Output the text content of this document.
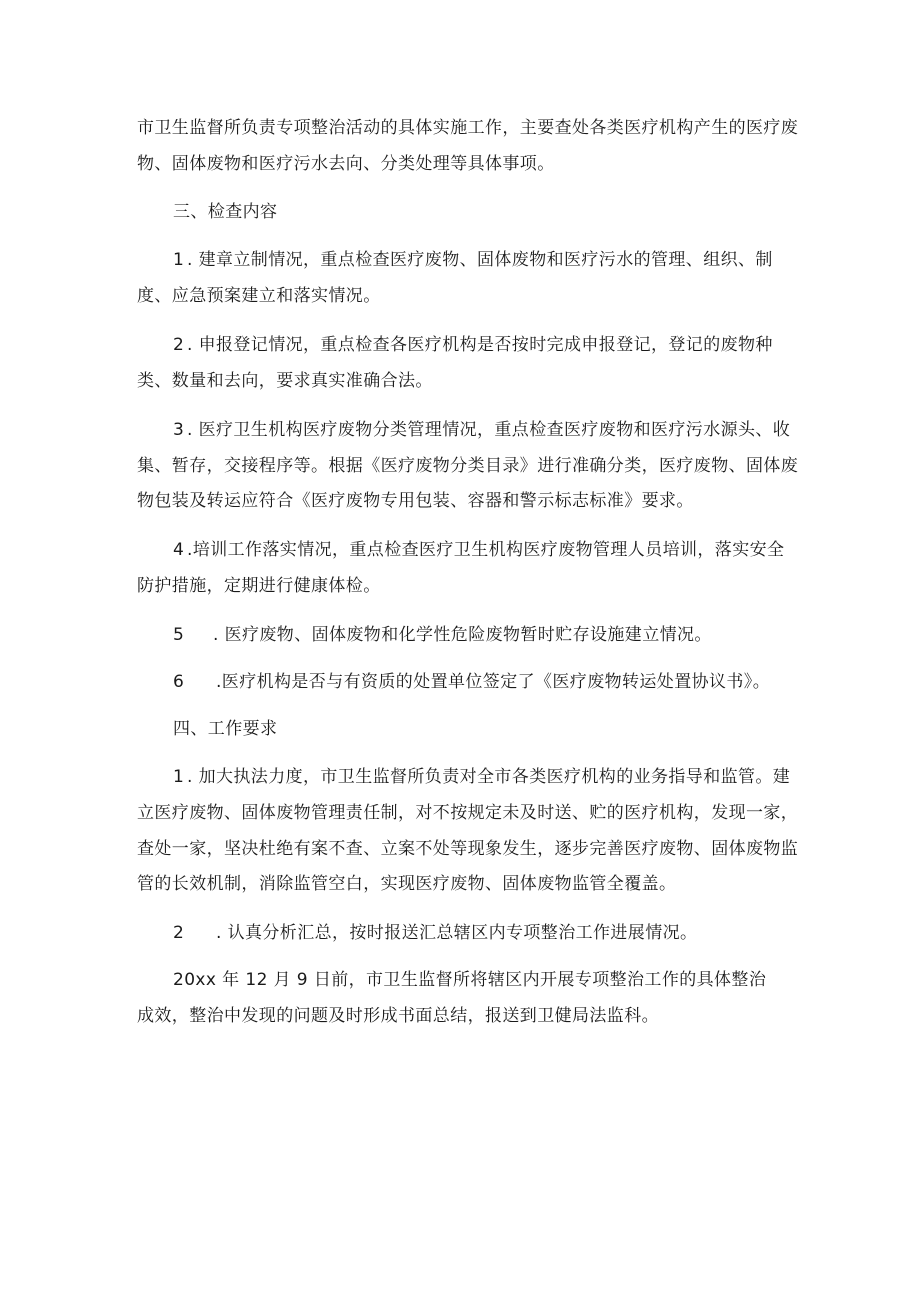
市卫生监督所负责专项整治活动的具体实施工作，主要查处各类医疗机构产生的医疗废
物、固体废物和医疗污水去向、分类处理等具体事项。
三、检查内容
1 . 建章立制情况，重点检查医疗废物、固体废物和医疗污水的管理、组织、制
度、应急预案建立和落实情况。
2 . 申报登记情况，重点检查各医疗机构是否按时完成申报登记，登记的废物种
类、数量和去向，要求真实准确合法。
3 . 医疗卫生机构医疗废物分类管理情况，重点检查医疗废物和医疗污水源头、收
集、暂存，交接程序等。根据《医疗废物分类目录》进行准确分类，医疗废物、固体废
物包装及转运应符合《医疗废物专用包装、容器和警示标志标准》要求。
4 .培训工作落实情况，重点检查医疗卫生机构医疗废物管理人员培训，落实安全
防护措施，定期进行健康体检。
5 . 医疗废物、固体废物和化学性危险废物暂时贮存设施建立情况。
6 .医疗机构是否与有资质的处置单位签定了《医疗废物转运处置协议书》。
四、工作要求
1 . 加大执法力度，市卫生监督所负责对全市各类医疗机构的业务指导和监管。建
立医疗废物、固体废物管理责任制，对不按规定未及时送、贮的医疗机构，发现一家，
查处一家，坚决杜绝有案不查、立案不处等现象发生，逐步完善医疗废物、固体废物监
管的长效机制，消除监管空白，实现医疗废物、固体废物监管全覆盖。
2 . 认真分析汇总，按时报送汇总辖区内专项整治工作进展情况。
20xx 年 12 月 9 日前，市卫生监督所将辖区内开展专项整治工作的具体整治
成效，整治中发现的问题及时形成书面总结，报送到卫健局法监科。
